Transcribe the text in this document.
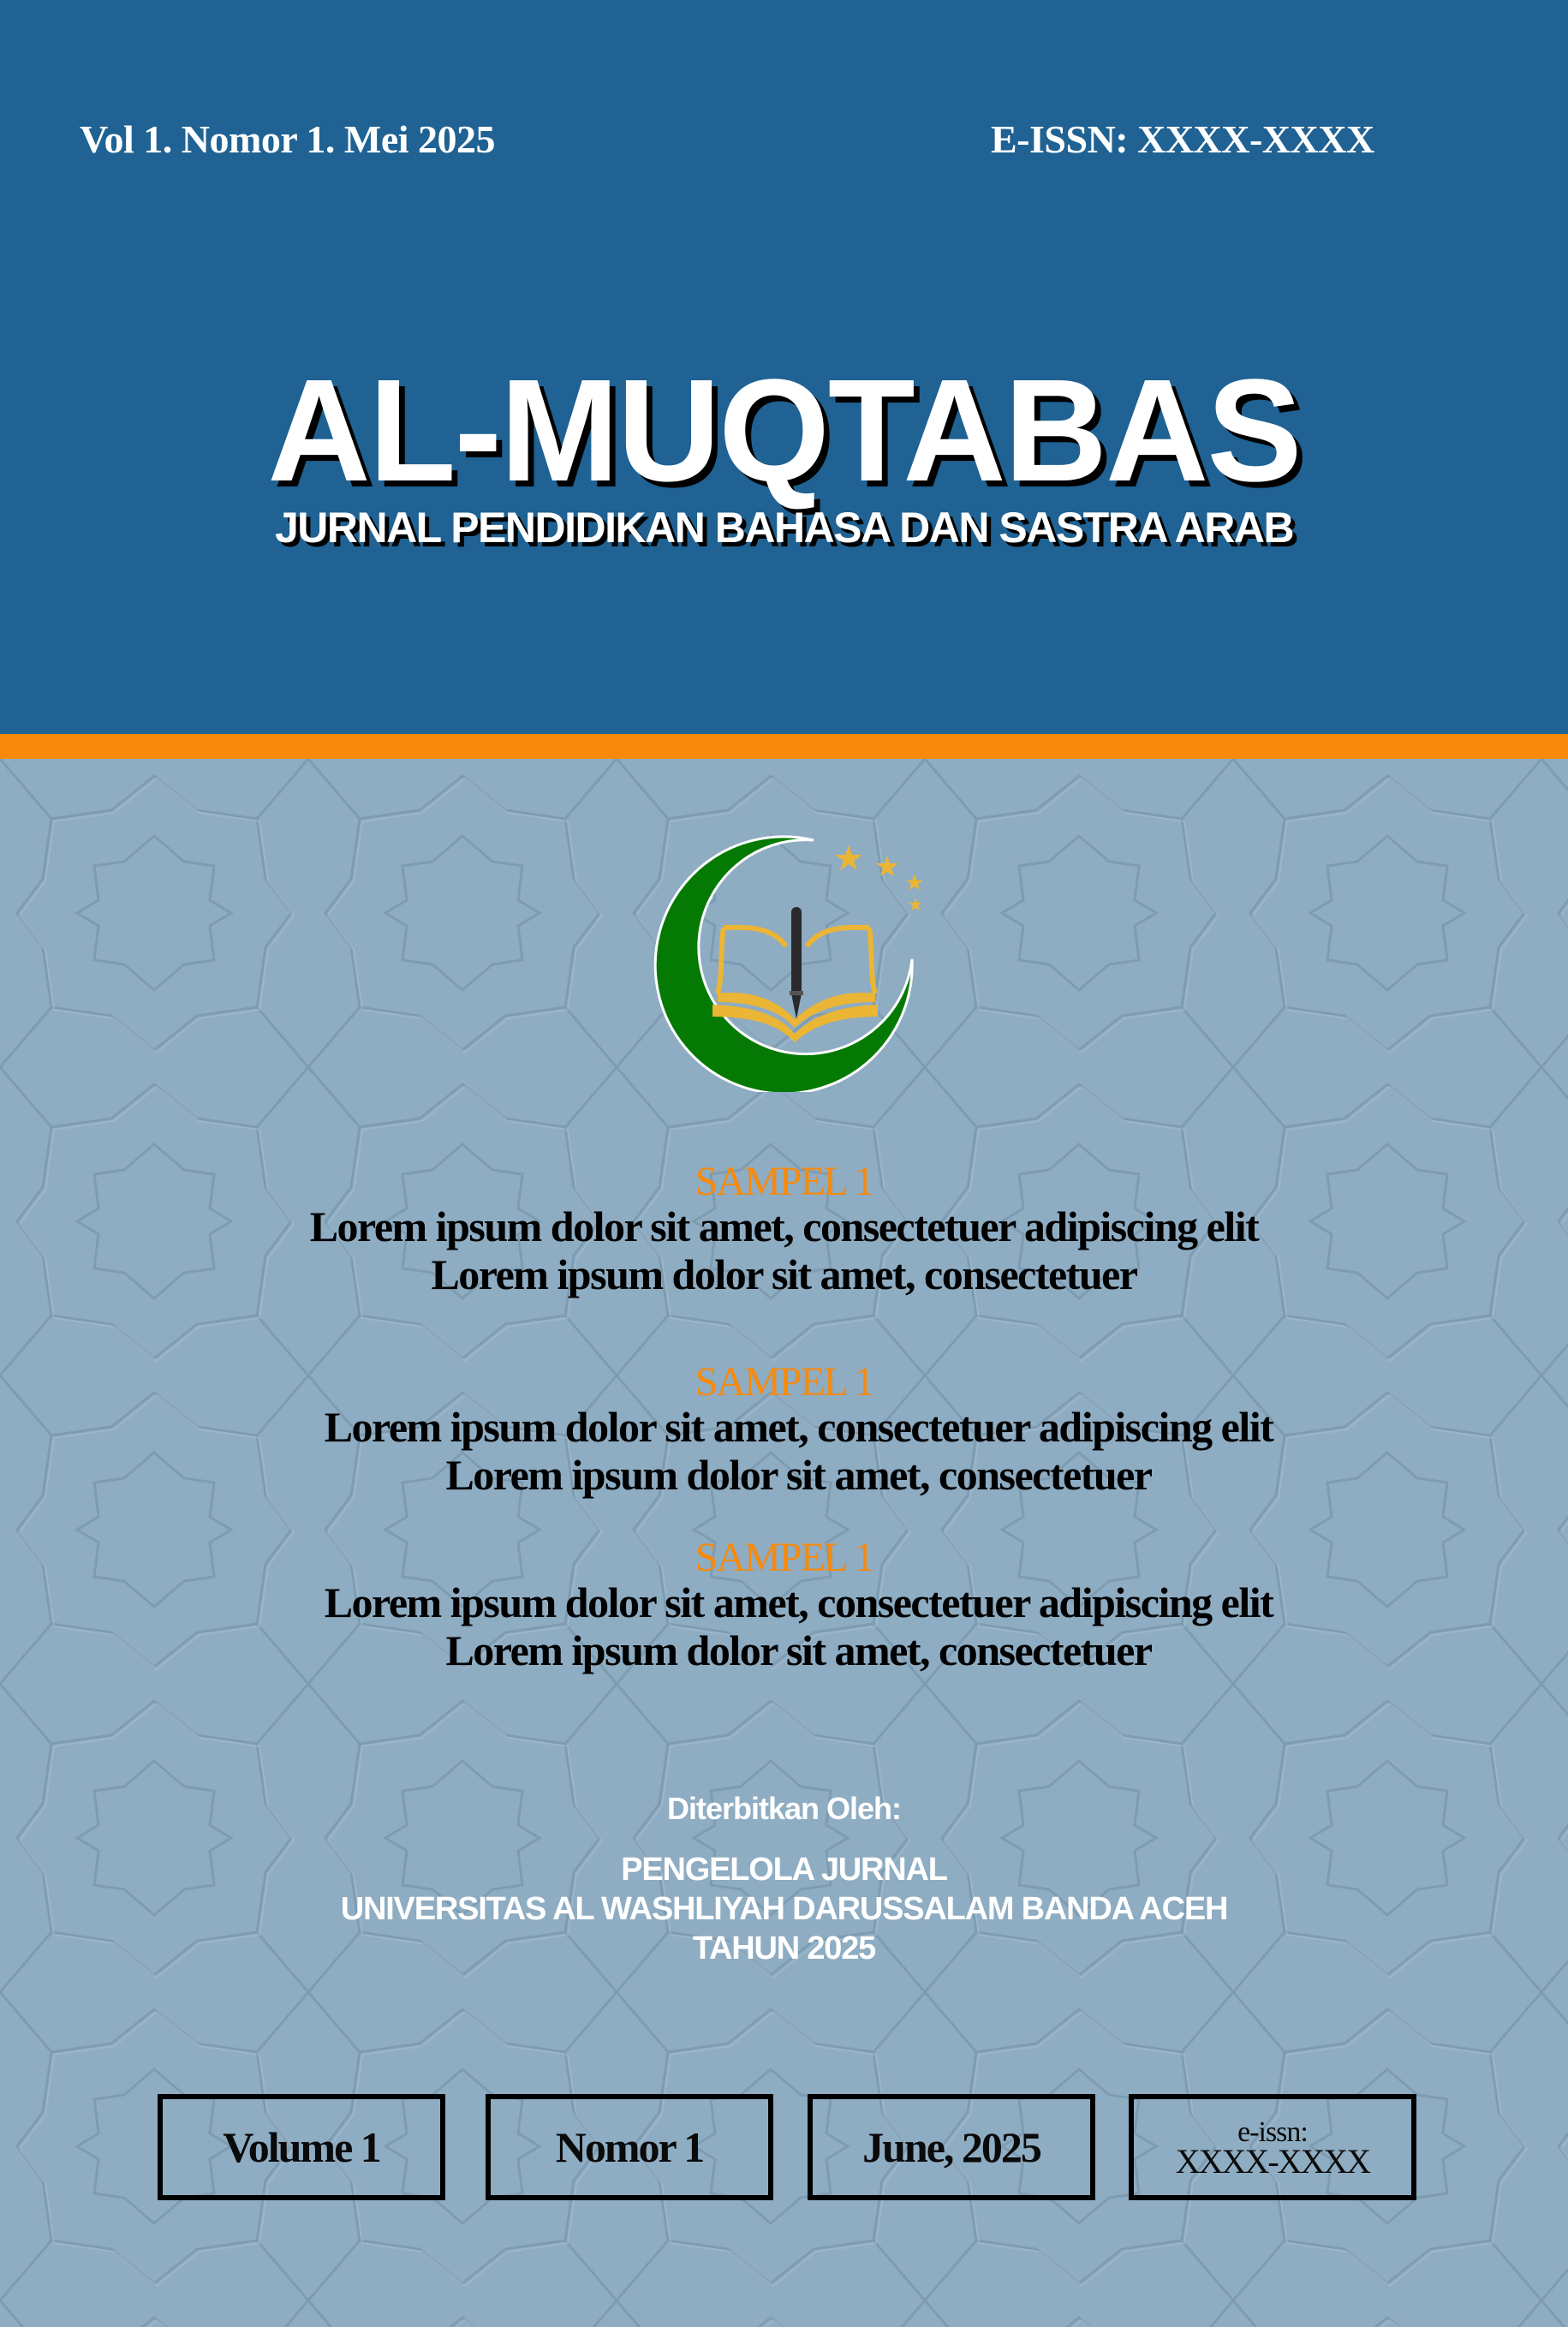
Vol 1. Nomor 1. Mei 2025	E-ISSN: XXXX-XXXX
AL-MUQTABAS
JURNAL PENDIDIKAN BAHASA DAN SASTRA ARAB
SAMPEL 1
Lorem ipsum dolor sit amet, consectetuer adipiscing elit
Lorem ipsum dolor sit amet, consectetuer
SAMPEL 1
Lorem ipsum dolor sit amet, consectetuer adipiscing elit
Lorem ipsum dolor sit amet, consectetuer
SAMPEL 1
Lorem ipsum dolor sit amet, consectetuer adipiscing elit
Lorem ipsum dolor sit amet, consectetuer
Diterbitkan Oleh:
PENGELOLA JURNAL
UNIVERSITAS AL WASHLIYAH DARUSSALAM BANDA ACEH
TAHUN 2025
Volume 1	Nomor 1	June, 2025	e-issn:
XXXX-XXXX
